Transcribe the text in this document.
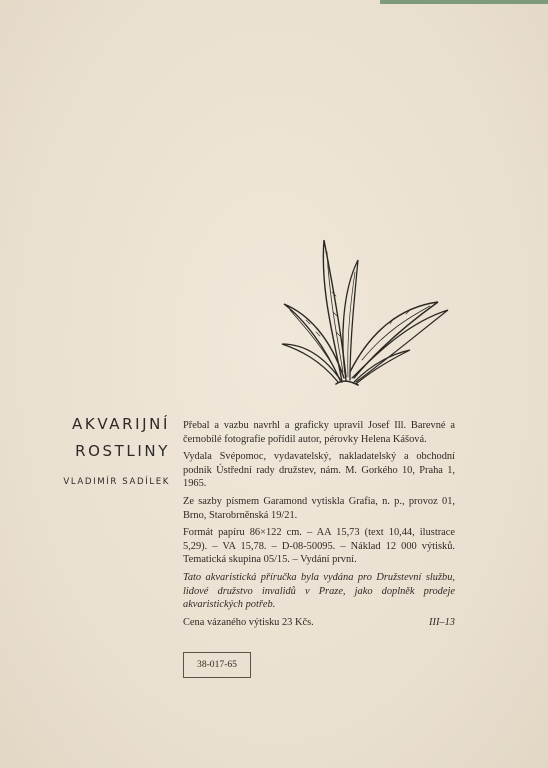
AKVARIJNÍ

ROSTLINY

VLADIMÍR SADÍLEK

Přebal a vazbu navrhl a graficky upravil Josef Ill. Barevné a černobílé fotografie pořídil autor, pérovky Helena Kášová.

Vydala Svépomoc, vydavatelský, nakladatelský a obchodní podnik Ústřední rady družstev, nám. M. Gorkého 10, Praha 1, 1965.

Ze sazby písmem Garamond vytiskla Grafia, n. p., provoz 01, Brno, Starobrněnská 19/21.

Formát papíru 86×122 cm. – AA 15,73 (text 10,44, ilustrace 5,29). – VA 15,78. – D-08-50095. – Náklad 12 000 výtisků. Tematická skupina 05/15. – Vydání první.

Tato akvaristická příručka byla vydána pro Družstevní službu, lidové družstvo invalidů v Praze, jako doplněk prodeje akvaristických potřeb.

Cena vázaného výtisku 23 Kčs.	III–13
38-017-65
